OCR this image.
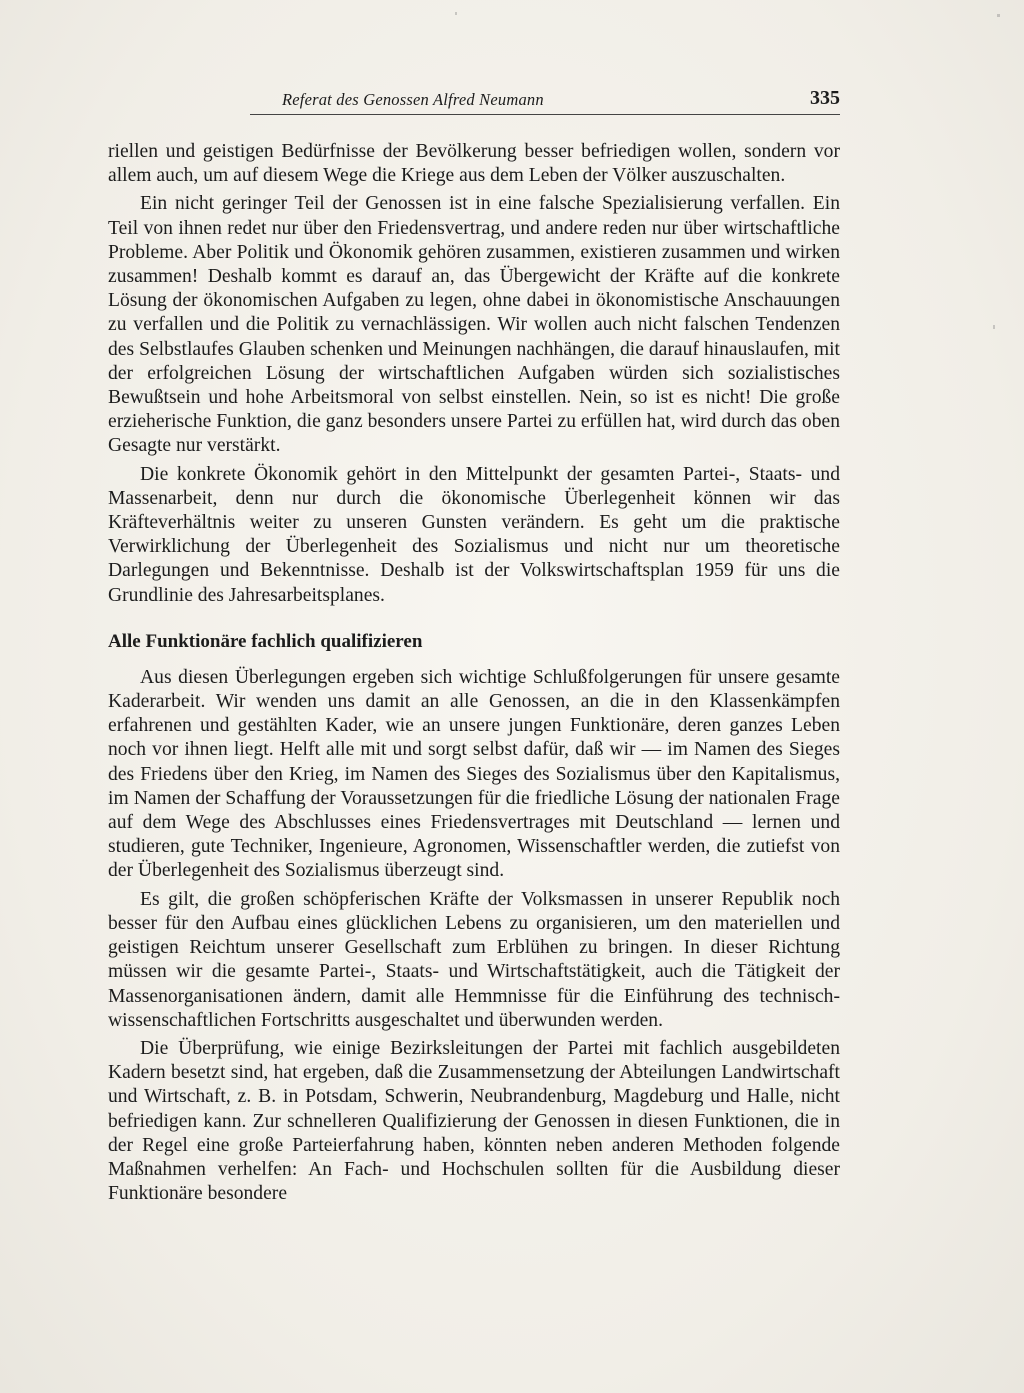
Referat des Genossen Alfred Neumann	335

riellen und geistigen Bedürfnisse der Bevölkerung besser befriedigen wollen, sondern vor allem auch, um auf diesem Wege die Kriege aus dem Leben der Völker auszuschalten.

Ein nicht geringer Teil der Genossen ist in eine falsche Spezialisierung verfallen. Ein Teil von ihnen redet nur über den Friedensvertrag, und andere reden nur über wirtschaftliche Probleme. Aber Politik und Ökonomik gehören zusammen, existieren zusammen und wirken zusammen! Deshalb kommt es darauf an, das Übergewicht der Kräfte auf die konkrete Lösung der ökonomischen Aufgaben zu legen, ohne dabei in ökonomistische Anschauungen zu verfallen und die Politik zu vernachlässigen. Wir wollen auch nicht falschen Tendenzen des Selbstlaufes Glauben schenken und Meinungen nachhängen, die darauf hinauslaufen, mit der erfolgreichen Lösung der wirtschaftlichen Aufgaben würden sich sozialistisches Bewußtsein und hohe Arbeitsmoral von selbst einstellen. Nein, so ist es nicht! Die große erzieherische Funktion, die ganz besonders unsere Partei zu erfüllen hat, wird durch das oben Gesagte nur verstärkt.

Die konkrete Ökonomik gehört in den Mittelpunkt der gesamten Partei-, Staats- und Massenarbeit, denn nur durch die ökonomische Überlegenheit können wir das Kräfteverhältnis weiter zu unseren Gunsten verändern. Es geht um die praktische Verwirklichung der Überlegenheit des Sozialismus und nicht nur um theoretische Darlegungen und Bekenntnisse. Deshalb ist der Volkswirtschaftsplan 1959 für uns die Grundlinie des Jahresarbeitsplanes.

Alle Funktionäre fachlich qualifizieren

Aus diesen Überlegungen ergeben sich wichtige Schlußfolgerungen für unsere gesamte Kaderarbeit. Wir wenden uns damit an alle Genossen, an die in den Klassenkämpfen erfahrenen und gestählten Kader, wie an unsere jungen Funktionäre, deren ganzes Leben noch vor ihnen liegt. Helft alle mit und sorgt selbst dafür, daß wir — im Namen des Sieges des Friedens über den Krieg, im Namen des Sieges des Sozialismus über den Kapitalismus, im Namen der Schaffung der Voraussetzungen für die friedliche Lösung der nationalen Frage auf dem Wege des Abschlusses eines Friedensvertrages mit Deutschland — lernen und studieren, gute Techniker, Ingenieure, Agronomen, Wissenschaftler werden, die zutiefst von der Überlegenheit des Sozialismus überzeugt sind.

Es gilt, die großen schöpferischen Kräfte der Volksmassen in unserer Republik noch besser für den Aufbau eines glücklichen Lebens zu organisieren, um den materiellen und geistigen Reichtum unserer Gesellschaft zum Erblühen zu bringen. In dieser Richtung müssen wir die gesamte Partei-, Staats- und Wirtschaftstätigkeit, auch die Tätigkeit der Massenorganisationen ändern, damit alle Hemmnisse für die Einführung des technisch-wissenschaftlichen Fortschritts ausgeschaltet und überwunden werden.

Die Überprüfung, wie einige Bezirksleitungen der Partei mit fachlich ausgebildeten Kadern besetzt sind, hat ergeben, daß die Zusammensetzung der Abteilungen Landwirtschaft und Wirtschaft, z. B. in Potsdam, Schwerin, Neubrandenburg, Magdeburg und Halle, nicht befriedigen kann. Zur schnelleren Qualifizierung der Genossen in diesen Funktionen, die in der Regel eine große Parteierfahrung haben, könnten neben anderen Methoden folgende Maßnahmen verhelfen: An Fach- und Hochschulen sollten für die Ausbildung dieser Funktionäre besondere
